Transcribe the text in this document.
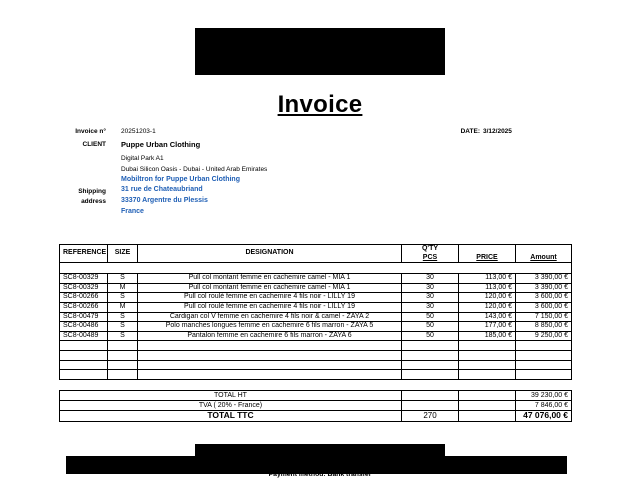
Invoice
Invoice n° 20251203-1	DATE: 3/12/2025
CLIENT Puppe Urban Clothing
Digital Park A1
Dubai Silicon Oasis - Dubai - United Arab Emirates
Shipping
address
Mobiltron for Puppe Urban Clothing
31 rue de Chateaubriand
33370 Argentre du Plessis
France
REFERENCE	SIZE	DESIGNATION	Q'TY	PRICE	Amount
			PCS		

SC8-00329	S	Pull col montant femme en cachemire camel - MIA 1	30	113,00 €	3 390,00 €
SC8-00329	M	Pull col montant femme en cachemire camel - MIA 1	30	113,00 €	3 390,00 €
SC8-00266	S	Pull col roulé femme en cachemire 4 fils noir - LILLY 19	30	120,00 €	3 600,00 €
SC8-00266	M	Pull col roulé femme en cachemire 4 fils noir - LILLY 19	30	120,00 €	3 600,00 €
SC8-00479	S	Cardigan col V femme en cachemire 4 fils noir & camel - ZAYA 2	50	143,00 €	7 150,00 €
SC8-00486	S	Polo manches longues femme en cachemire 6 fils marron - ZAYA 5	50	177,00 €	8 850,00 €
SC8-00489	S	Pantalon femme en cachemire 6 fils marron - ZAYA 6	50	185,00 €	9 250,00 €

TOTAL HT					39 230,00 €
TVA ( 20% - France)					7 846,00 €
TOTAL TTC			270		47 076,00 €
Payment method: Bank transfer
